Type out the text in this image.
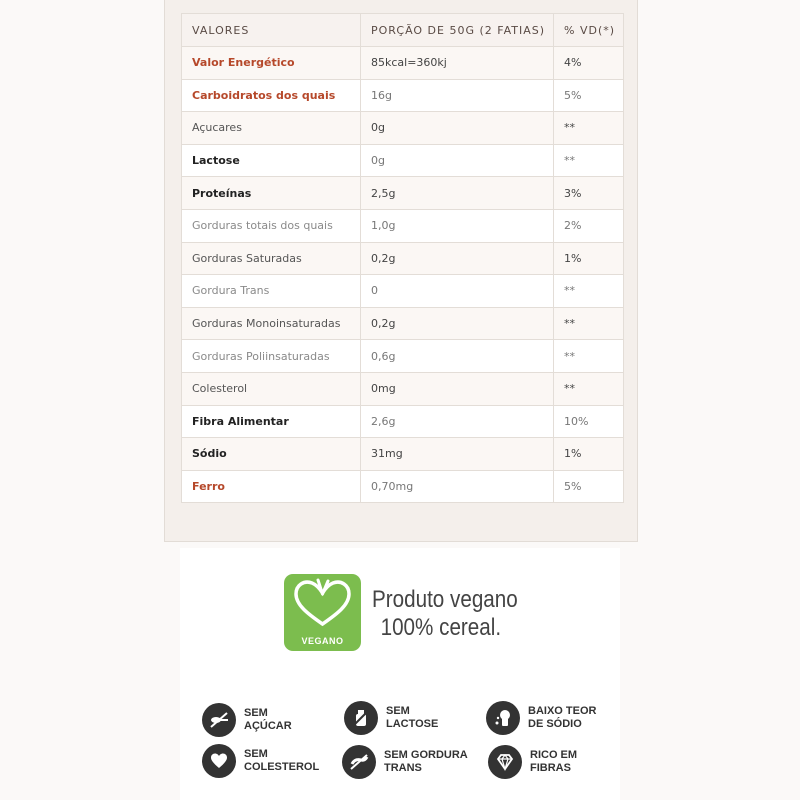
VALORES	PORÇÃO DE 50G (2 FATIAS)	% VD(*)
Valor Energético	85kcal=360kj	4%
Carboidratos dos quais	16g	5%
Açucares	0g	**
Lactose	0g	**
Proteínas	2,5g	3%
Gorduras totais dos quais	1,0g	2%
Gorduras Saturadas	0,2g	1%
Gordura Trans	0	**
Gorduras Monoinsaturadas	0,2g	**
Gorduras Poliinsaturadas	0,6g	**
Colesterol	0mg	**
Fibra Alimentar	2,6g	10%
Sódio	31mg	1%
Ferro	0,70mg	5%
VEGANO
Produto vegano
100% cereal.
SEM
AÇÚCAR
SEM
LACTOSE
BAIXO TEOR
DE SÓDIO
SEM
COLESTEROL
SEM GORDURA
TRANS
RICO EM
FIBRAS
